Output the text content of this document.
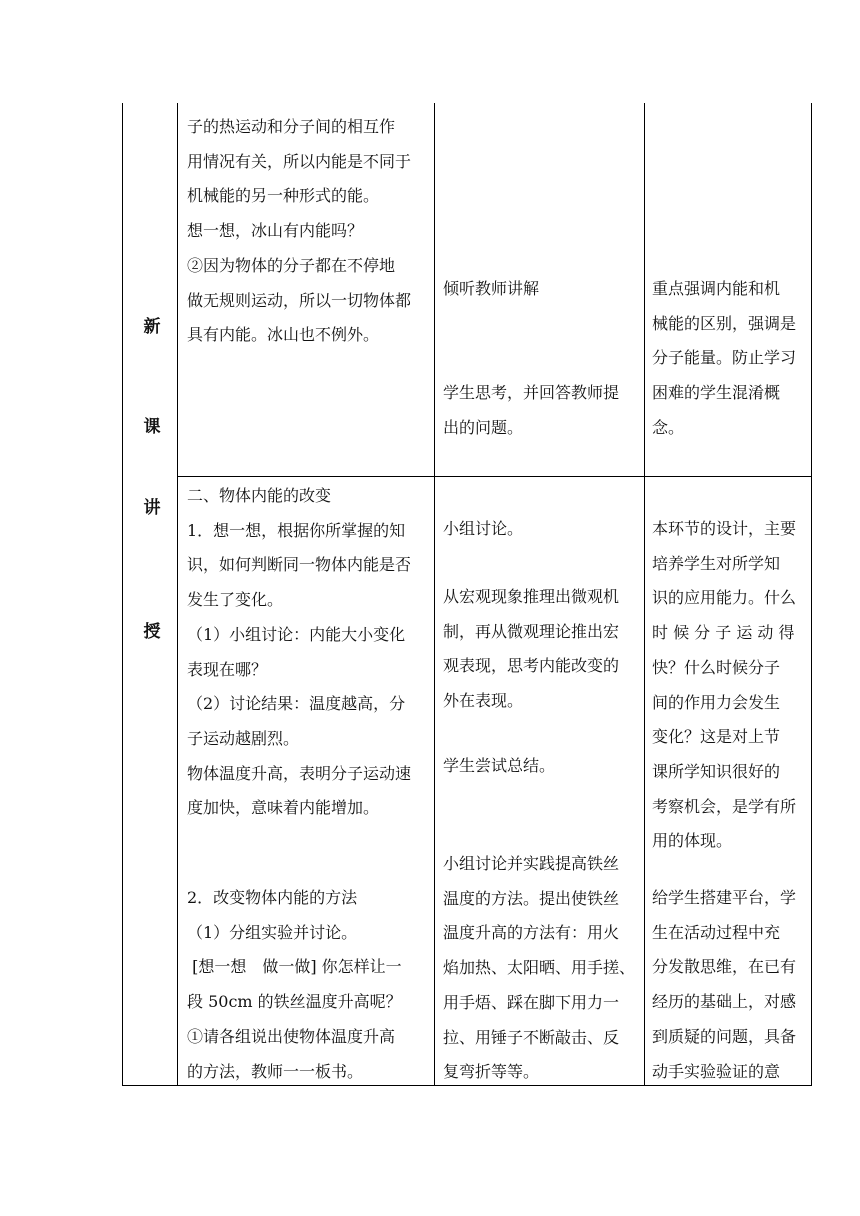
新
课
讲
授

子的热运动和分子间的相互作

用情况有关，所以内能是不同于

机械能的另一种形式的能。

想一想，冰山有内能吗？

②因为物体的分子都在不停地

做无规则运动，所以一切物体都

具有内能。冰山也不例外。

倾听教师讲解

学生思考，并回答教师提

出的问题。

重点强调内能和机

械能的区别，强调是

分子能量。防止学习

困难的学生混淆概

念。

二、物体内能的改变

1．想一想，根据你所掌握的知

识，如何判断同一物体内能是否

发生了变化。

（1）小组讨论：内能大小变化

表现在哪？

（2）讨论结果：温度越高，分

子运动越剧烈。

物体温度升高，表明分子运动速

度加快，意味着内能增加。

2．改变物体内能的方法

（1）分组实验并讨论。

[想一想　做一做] 你怎样让一

段 50cm 的铁丝温度升高呢？

①请各组说出使物体温度升高

的方法，教师一一板书。

小组讨论。

从宏观现象推理出微观机

制，再从微观理论推出宏

观表现，思考内能改变的

外在表现。

学生尝试总结。

小组讨论并实践提高铁丝

温度的方法。提出使铁丝

温度升高的方法有：用火

焰加热、太阳晒、用手搓、

用手焐、踩在脚下用力一

拉、用锤子不断敲击、反

复弯折等等。

本环节的设计，主要

培养学生对所学知

识的应用能力。什么

时 候 分 子 运 动 得

快？什么时候分子

间的作用力会发生

变化？这是对上节

课所学知识很好的

考察机会，是学有所

用的体现。

给学生搭建平台，学

生在活动过程中充

分发散思维，在已有

经历的基础上，对感

到质疑的问题，具备

动手实验验证的意
